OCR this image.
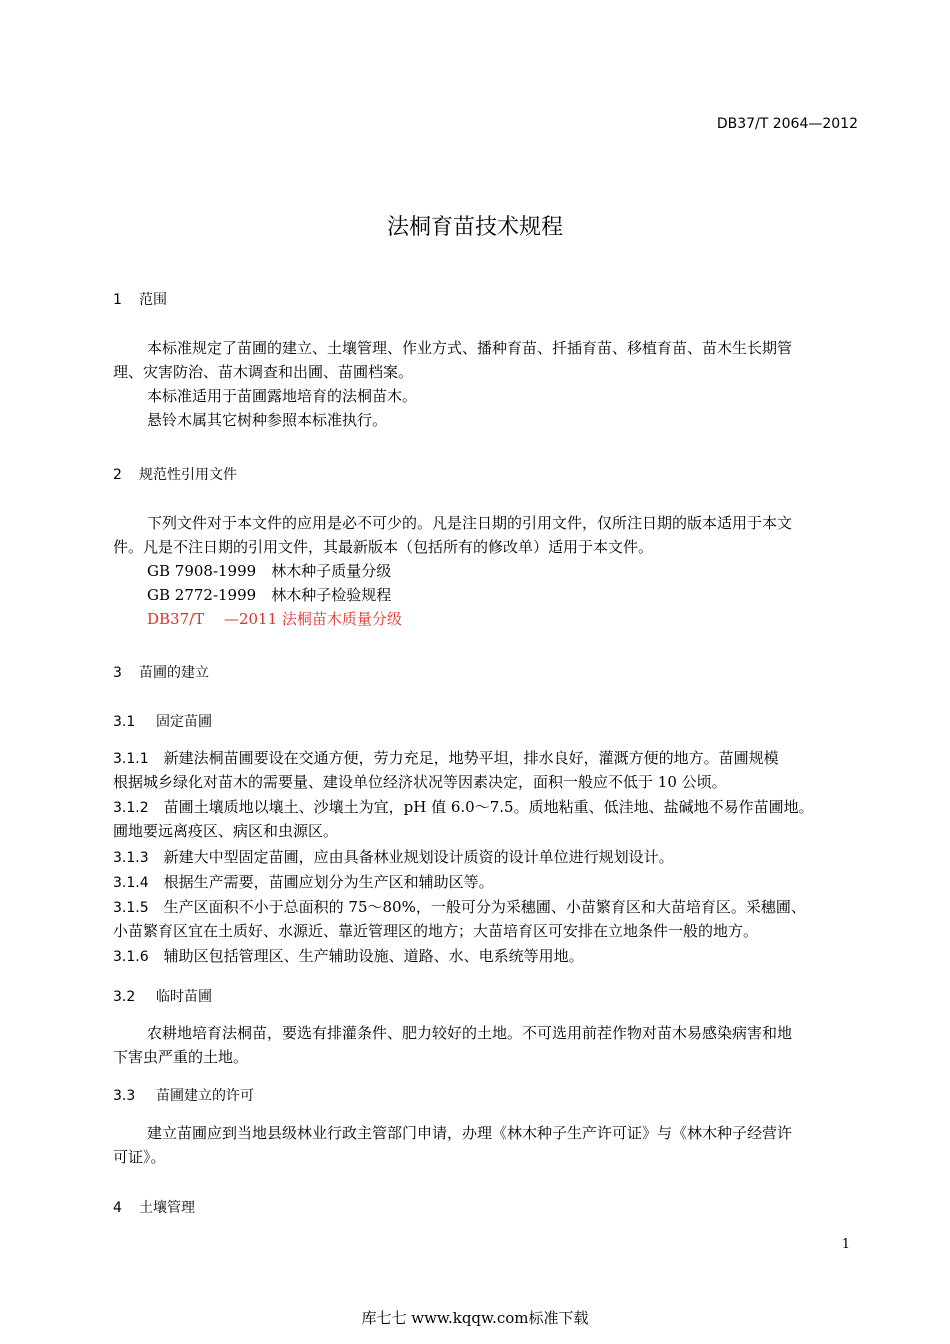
DB37/T 2064—2012
法桐育苗技术规程
1 范围
本标准规定了苗圃的建立、土壤管理、作业方式、播种育苗、扦插育苗、移植育苗、苗木生长期管
理、灾害防治、苗木调查和出圃、苗圃档案。
本标准适用于苗圃露地培育的法桐苗木。
悬铃木属其它树种参照本标准执行。
2 规范性引用文件
下列文件对于本文件的应用是必不可少的。凡是注日期的引用文件，仅所注日期的版本适用于本文
件。凡是不注日期的引用文件，其最新版本（包括所有的修改单）适用于本文件。
GB 7908-1999　林木种子质量分级
GB 2772-1999　林木种子检验规程
DB37/T　 —2011 法桐苗木质量分级
3 苗圃的建立
3.1 固定苗圃
3.1.1　 新建法桐苗圃要设在交通方便，劳力充足，地势平坦，排水良好，灌溉方便的地方。苗圃规模
根据城乡绿化对苗木的需要量、建设单位经济状况等因素决定，面积一般应不低于 10 公顷。
3.1.2　 苗圃土壤质地以壤土、沙壤土为宜，pH 值 6.0～7.5。质地粘重、低洼地、盐碱地不易作苗圃地。
圃地要远离疫区、病区和虫源区。
3.1.3　 新建大中型固定苗圃，应由具备林业规划设计质资的设计单位进行规划设计。
3.1.4　 根据生产需要，苗圃应划分为生产区和辅助区等。
3.1.5　 生产区面积不小于总面积的 75～80%，一般可分为采穗圃、小苗繁育区和大苗培育区。采穗圃、
小苗繁育区宜在土质好、水源近、靠近管理区的地方；大苗培育区可安排在立地条件一般的地方。
3.1.6　 辅助区包括管理区、生产辅助设施、道路、水、电系统等用地。
3.2 临时苗圃
农耕地培育法桐苗，要选有排灌条件、肥力较好的土地。不可选用前茬作物对苗木易感染病害和地
下害虫严重的土地。
3.3 苗圃建立的许可
建立苗圃应到当地县级林业行政主管部门申请，办理《林木种子生产许可证》与《林木种子经营许
可证》。
4 土壤管理
1
库七七 www.kqqw.com标准下载
